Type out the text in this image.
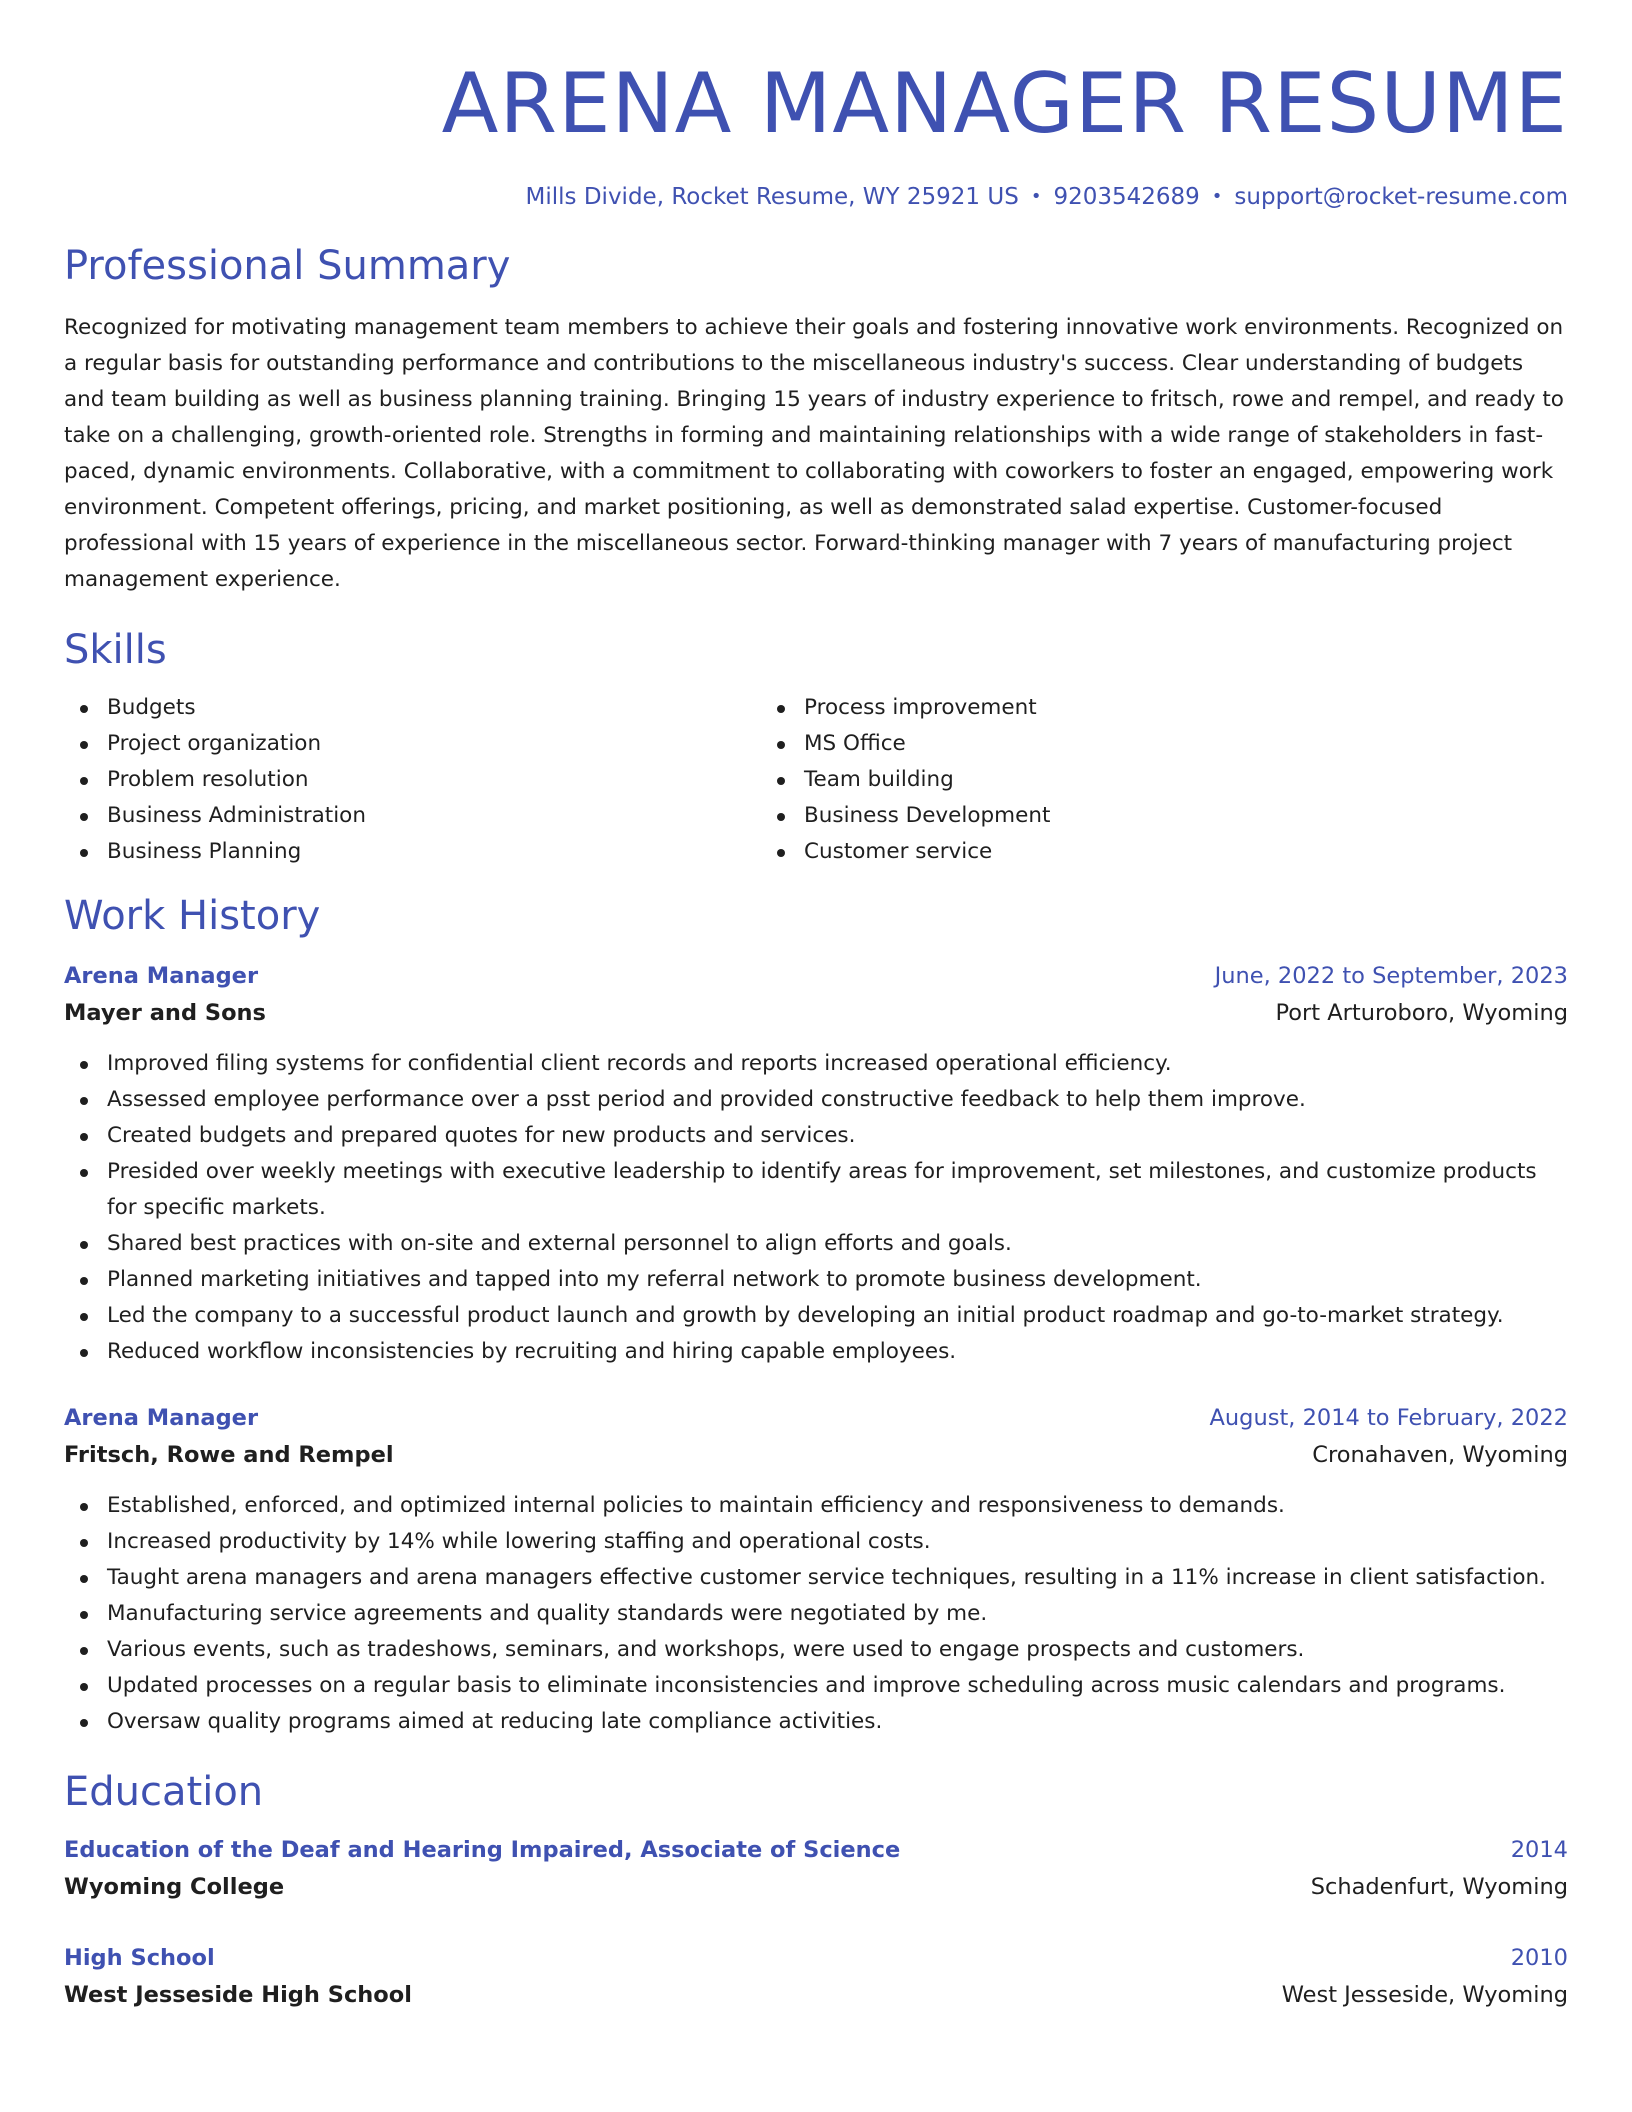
ARENA MANAGER RESUME
Mills Divide, Rocket Resume, WY 25921 US • 9203542689 • support@rocket-resume.com
Professional Summary

Recognized for motivating management team members to achieve their goals and fostering innovative work environments. Recognized on a regular basis for outstanding performance and contributions to the miscellaneous industry's success. Clear understanding of budgets and team building as well as business planning training. Bringing 15 years of industry experience to fritsch, rowe and rempel, and ready to take on a challenging, growth-oriented role. Strengths in forming and maintaining relationships with a wide range of stakeholders in fast-paced, dynamic environments. Collaborative, with a commitment to collaborating with coworkers to foster an engaged, empowering work environment. Competent offerings, pricing, and market positioning, as well as demonstrated salad expertise. Customer-focused professional with 15 years of experience in the miscellaneous sector. Forward-thinking manager with 7 years of manufacturing project management experience.

Skills
Budgets
Project organization
Problem resolution
Business Administration
Business Planning
Process improvement
MS Office
Team building
Business Development
Customer service
Work History
Arena Manager	June, 2022 to September, 2023
Mayer and Sons	Port Arturoboro, Wyoming
Improved filing systems for confidential client records and reports increased operational efficiency.
Assessed employee performance over a psst period and provided constructive feedback to help them improve.
Created budgets and prepared quotes for new products and services.
Presided over weekly meetings with executive leadership to identify areas for improvement, set milestones, and customize products for specific markets.
Shared best practices with on-site and external personnel to align efforts and goals.
Planned marketing initiatives and tapped into my referral network to promote business development.
Led the company to a successful product launch and growth by developing an initial product roadmap and go-to-market strategy.
Reduced workflow inconsistencies by recruiting and hiring capable employees.
Arena Manager	August, 2014 to February, 2022
Fritsch, Rowe and Rempel	Cronahaven, Wyoming
Established, enforced, and optimized internal policies to maintain efficiency and responsiveness to demands.
Increased productivity by 14% while lowering staffing and operational costs.
Taught arena managers and arena managers effective customer service techniques, resulting in a 11% increase in client satisfaction.
Manufacturing service agreements and quality standards were negotiated by me.
Various events, such as tradeshows, seminars, and workshops, were used to engage prospects and customers.
Updated processes on a regular basis to eliminate inconsistencies and improve scheduling across music calendars and programs.
Oversaw quality programs aimed at reducing late compliance activities.
Education
Education of the Deaf and Hearing Impaired, Associate of Science	2014
Wyoming College	Schadenfurt, Wyoming
High School	2010
West Jesseside High School	West Jesseside, Wyoming
